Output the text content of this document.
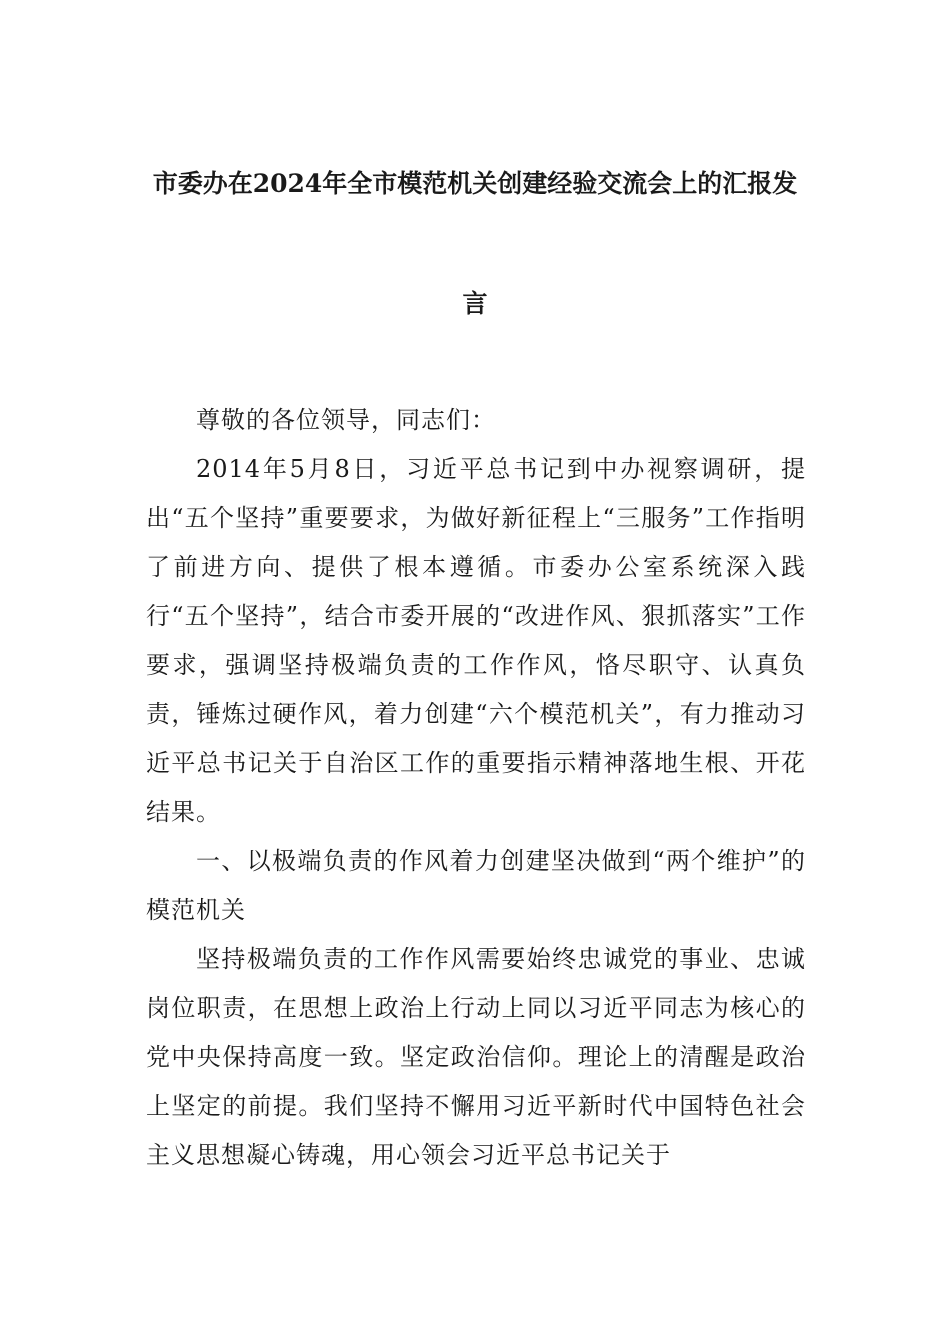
市委办在2024年全市模范机关创建经验交流会上的汇报发
言

尊敬的各位领导，同志们：

2014年5月8日，习近平总书记到中办视察调研，提出“五个坚持”重要要求，为做好新征程上“三服务”工作指明了前进方向、提供了根本遵循。市委办公室系统深入践行“五个坚持”，结合市委开展的“改进作风、狠抓落实”工作要求，强调坚持极端负责的工作作风，恪尽职守、认真负责，锤炼过硬作风，着力创建“六个模范机关”，有力推动习近平总书记关于自治区工作的重要指示精神落地生根、开花结果。

一、以极端负责的作风着力创建坚决做到“两个维护”的模范机关

坚持极端负责的工作作风需要始终忠诚党的事业、忠诚岗位职责，在思想上政治上行动上同以习近平同志为核心的党中央保持高度一致。坚定政治信仰。理论上的清醒是政治上坚定的前提。我们坚持不懈用习近平新时代中国特色社会主义思想凝心铸魂，用心领会习近平总书记关于
